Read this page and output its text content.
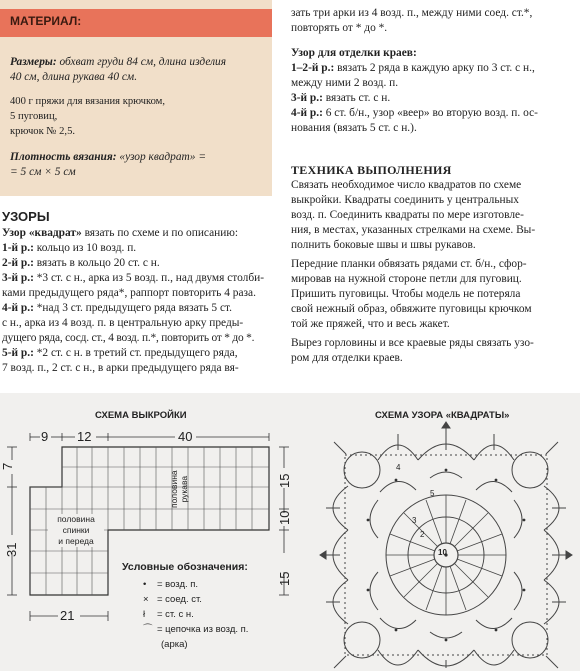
МАТЕРИАЛ:
Размеры: обхват груди 84 см, длина изделия
40 см, длина рукава 40 см.
400 г пряжи для вязания крючком,
5 пуговиц,
крючок № 2,5.
Плотность вязания: «узор квадрат» =
= 5 см × 5 см
УЗОРЫ
Узор «квадрат» вязать по схеме и по описанию:
1-й р.: кольцо из 10 возд. п.
2-й р.: вязать в кольцо 20 ст. с н.
3-й р.: *3 ст. с н., арка из 5 возд. п., над двумя столби-
ками предыдущего ряда*, раппорт повторить 4 раза.
4-й р.: *над 3 ст. предыдущего ряда вязать 5 ст.
с н., арка из 4 возд. п. в центральную арку преды-
дущего ряда, сосд. ст., 4 возд. п.*, повторить от * до *.
5-й р.: *2 ст. с н. в третий ст. предыдущего ряда,
7 возд. п., 2 ст. с н., в арки предыдущего ряда вя-
зать три арки из 4 возд. п., между ними соед. ст.*,
повторять от * до *.
Узор для отделки краев:
1–2-й р.: вязать 2 ряда в каждую арку по 3 ст. с н.,
между ними 2 возд. п.
3-й р.: вязать ст. с н.
4-й р.: 6 ст. б/н., узор «веер» во вторую возд. п. ос-
нования (вязать 5 ст. с н.).
ТЕХНИКА ВЫПОЛНЕНИЯ
Связать необходимое число квадратов по схеме
выкройки. Квадраты соединить у центральных
возд. п. Соединить квадраты по мере изготовле-
ния, в местах, указанных стрелками на схеме. Вы-
полнить боковые швы и швы рукавов.
Передние планки обвязать рядами ст. б/н., сфор-
мировав на нужной стороне петли для пуговиц.
Пришить пуговицы. Чтобы модель не потеряла
свой нежный образ, обвяжите пуговицы крючком
той же пряжей, что и весь жакет.
Вырез горловины и все краевые ряды связать узо-
ром для отделки краев.
СХЕМА ВЫКРОЙКИ
9 12	40
21
7
31
15
10
15
половина рукава
половина
спинки
и переда
Условные обозначения:
• = возд. п.
× = соед. ст.
ł = ст. с н.
⌒ = цепочка из возд. п.
(арка)
СХЕМА УЗОРА «КВАДРАТЫ»
10
5
4
3
2
